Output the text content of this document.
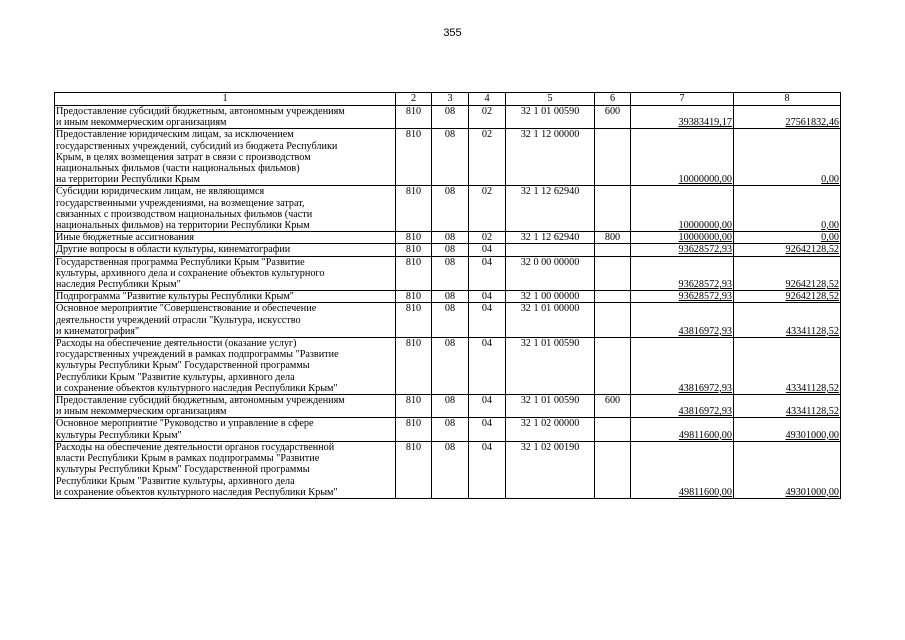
355
1	2	3	4	5	6	7	8
Предоставление субсидий бюджетным, автономным учреждениям
и иным некоммерческим организациям	810	08	02	32 1 01 00590	600	39383419,17	27561832,46
Предоставление юридическим лицам, за исключением
государственных учреждений, субсидий из бюджета Республики
Крым, в целях возмещения затрат в связи с производством
национальных фильмов (части национальных фильмов)
на территории Республики Крым	810	08	02	32 1 12 00000		10000000,00	0,00
Субсидии юридическим лицам, не являющимся
государственными учреждениями, на возмещение затрат,
связанных с производством национальных фильмов (части
национальных фильмов) на территории Республики Крым	810	08	02	32 1 12 62940		10000000,00	0,00
Иные бюджетные ассигнования	810	08	02	32 1 12 62940	800	10000000,00	0,00
Другие вопросы в области культуры, кинематографии	810	08	04			93628572,93	92642128,52
Государственная программа Республики Крым "Развитие
культуры, архивного дела и сохранение объектов культурного
наследия Республики Крым"	810	08	04	32 0 00 00000		93628572,93	92642128,52
Подпрограмма "Развитие культуры Республики Крым"	810	08	04	32 1 00 00000		93628572,93	92642128,52
Основное мероприятие "Совершенствование и обеспечение
деятельности учреждений отрасли "Культура, искусство
и кинематография"	810	08	04	32 1 01 00000		43816972,93	43341128,52
Расходы на обеспечение деятельности (оказание услуг)
государственных учреждений в рамках подпрограммы "Развитие
культуры Республики Крым" Государственной программы
Республики Крым "Развитие культуры, архивного дела
и сохранение объектов культурного наследия Республики Крым"	810	08	04	32 1 01 00590		43816972,93	43341128,52
Предоставление субсидий бюджетным, автономным учреждениям
и иным некоммерческим организациям	810	08	04	32 1 01 00590	600	43816972,93	43341128,52
Основное мероприятие "Руководство и управление в сфере
культуры Республики Крым"	810	08	04	32 1 02 00000		49811600,00	49301000,00
Расходы на обеспечение деятельности органов государственной
власти Республики Крым в рамках подпрограммы "Развитие
культуры Республики Крым" Государственной программы
Республики Крым "Развитие культуры, архивного дела
и сохранение объектов культурного наследия Республики Крым"	810	08	04	32 1 02 00190		49811600,00	49301000,00
